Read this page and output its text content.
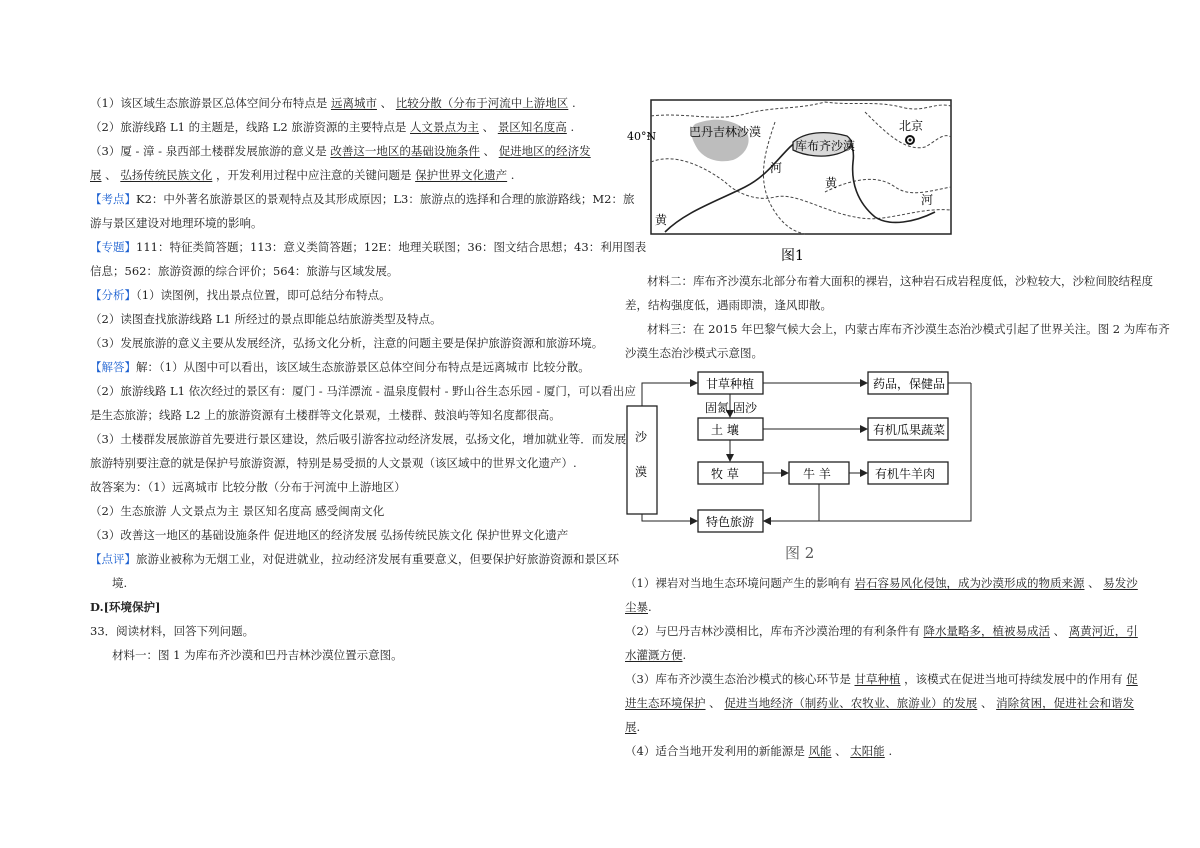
（1）该区域生态旅游景区总体空间分布特点是 远离城市 、 比较分散（分布于河流中上游地区 .
（2）旅游线路 L1 的主题是，线路 L2 旅游资源的主要特点是 人文景点为主 、 景区知名度高 .
（3）厦 - 漳 - 泉西部土楼群发展旅游的意义是 改善这一地区的基础设施条件 、 促进地区的经济发
展 、 弘扬传统民族文化 ，开发利用过程中应注意的关键问题是 保护世界文化遗产 .
【考点】K2：中外著名旅游景区的景观特点及其形成原因；L3：旅游点的选择和合理的旅游路线；M2：旅
游与景区建设对地理环境的影响。
【专题】111：特征类简答题；113：意义类简答题；12E：地理关联图；36：图文结合思想；43：利用图表
信息；562：旅游资源的综合评价；564：旅游与区域发展。
【分析】（1）读图例，找出景点位置，即可总结分布特点。
（2）读图查找旅游线路 L1 所经过的景点即能总结旅游类型及特点。
（3）发展旅游的意义主要从发展经济，弘扬文化分析，注意的问题主要是保护旅游资源和旅游环境。
【解答】解：（1）从图中可以看出，该区域生态旅游景区总体空间分布特点是远离城市 比较分散。
（2）旅游线路 L1 依次经过的景区有：厦门 - 马洋漂流 - 温泉度假村 - 野山谷生态乐园 - 厦门，可以看出应
是生态旅游；线路 L2 上的旅游资源有土楼群等文化景观，土楼群、鼓浪屿等知名度都很高。
（3）土楼群发展旅游首先要进行景区建设，然后吸引游客拉动经济发展，弘扬文化，增加就业等．而发展
旅游特别要注意的就是保护号旅游资源，特别是易受损的人文景观（该区域中的世界文化遗产）.
故答案为：（1）远离城市 比较分散（分布于河流中上游地区）
（2）生态旅游 人文景点为主 景区知名度高 感受闽南文化
（3）改善这一地区的基础设施条件 促进地区的经济发展 弘扬传统民族文化 保护世界文化遗产
【点评】旅游业被称为无烟工业，对促进就业，拉动经济发展有重要意义，但要保护好旅游资源和景区环
境.
D.[环境保护]
33．阅读材料，回答下列问题。
材料一：图 1 为库布齐沙漠和巴丹吉林沙漠位置示意图。
40°N	巴丹吉林沙漠
库布齐沙漠
北京
河
黄
河
黄
图1
材料二：库布齐沙漠东北部分布着大面积的裸岩，这种岩石成岩程度低，沙粒较大，沙粒间胶结程度
差，结构强度低，遇雨即溃，逢风即散。
材料三：在 2015 年巴黎气候大会上，内蒙古库布齐沙漠生态治沙模式引起了世界关注。图 2 为库布齐
沙漠生态治沙模式示意图。
沙
漠
甘草种植
土 壤
牧 草
特色旅游
牛 羊
药品，保健品
有机瓜果蔬菜
有机牛羊肉
固氮 固沙
图 2
（1）裸岩对当地生态环境问题产生的影响有 岩石容易风化侵蚀，成为沙漠形成的物质来源 、 易发沙
尘暴.
（2）与巴丹吉林沙漠相比，库布齐沙漠治理的有利条件有 降水量略多，植被易成活 、 离黄河近，引
水灌溉方便.
（3）库布齐沙漠生态治沙模式的核心环节是 甘草种植 ，该模式在促进当地可持续发展中的作用有 促
进生态环境保护 、 促进当地经济（制药业、农牧业、旅游业）的发展 、 消除贫困，促进社会和谐发
展.
（4）适合当地开发利用的新能源是 风能 、 太阳能 .
